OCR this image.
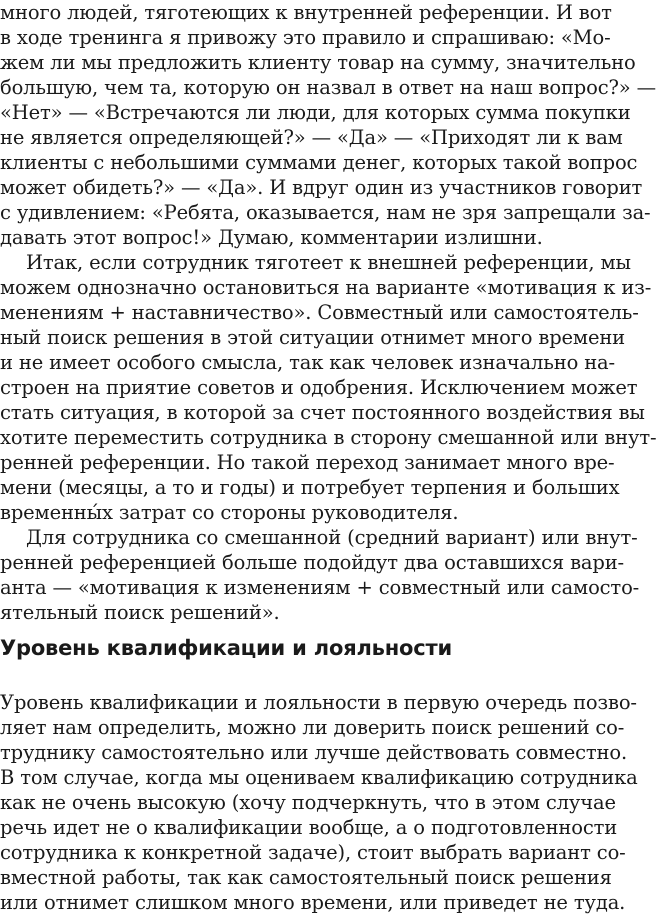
много людей, тяготеющих к внутренней референции. И вот
в ходе тренинга я привожу это правило и спрашиваю: «Мо-
жем ли мы предложить клиенту товар на сумму, значительно
большую, чем та, которую он назвал в ответ на наш вопрос?» —
«Нет» — «Встречаются ли люди, для которых сумма покупки
не является определяющей?» — «Да» — «Приходят ли к вам
клиенты с небольшими суммами денег, которых такой вопрос
может обидеть?» — «Да». И вдруг один из участников говорит
с удивлением: «Ребята, оказывается, нам не зря запрещали за-
давать этот вопрос!» Думаю, комментарии излишни.
Итак, если сотрудник тяготеет к внешней референции, мы
можем однозначно остановиться на варианте «мотивация к из-
менениям + наставничество». Совместный или самостоятель-
ный поиск решения в этой ситуации отнимет много времени
и не имеет особого смысла, так как человек изначально на-
строен на приятие советов и одобрения. Исключением может
стать ситуация, в которой за счет постоянного воздействия вы
хотите переместить сотрудника в сторону смешанной или внут-
ренней референции. Но такой переход занимает много вре-
мени (месяцы, а то и годы) и потребует терпения и больших
временны́х затрат со стороны руководителя.
Для сотрудника со смешанной (средний вариант) или внут-
ренней референцией больше подойдут два оставшихся вари-
анта — «мотивация к изменениям + совместный или самосто-
ятельный поиск решений».
Уровень квалификации и лояльности
Уровень квалификации и лояльности в первую очередь позво-
ляет нам определить, можно ли доверить поиск решений со-
труднику самостоятельно или лучше действовать совместно.
В том случае, когда мы оцениваем квалификацию сотрудника
как не очень высокую (хочу подчеркнуть, что в этом случае
речь идет не о квалификации вообще, а о подготовленности
сотрудника к конкретной задаче), стоит выбрать вариант со-
вместной работы, так как самостоятельный поиск решения
или отнимет слишком много времени, или приведет не туда.
